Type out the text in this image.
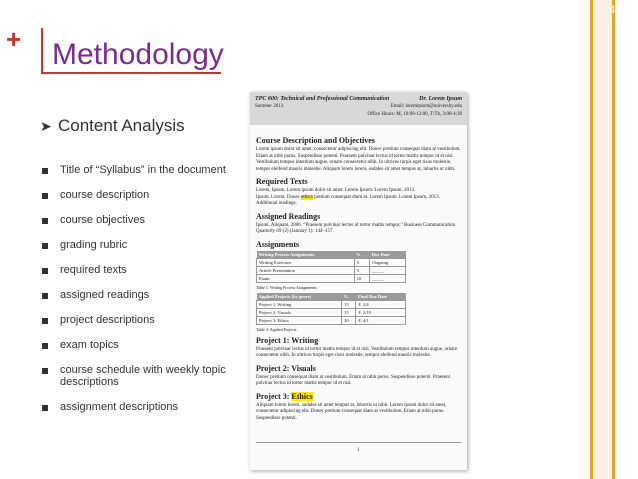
4
+ Methodology
➤ Content Analysis
Title of “Syllabus” in the document
course description
course objectives
grading rubric
required texts
assigned readings
project descriptions
exam topics
course schedule with weekly topic descriptions
assignment descriptions
TPC 600: Technical and Professional Communication
Summer 2013
Dr. Lorem Ipsum
Email: loremipsum@university.edu
Office Hours: M, 10:00-12:00, T/Th, 3:00-4:30
Course Description and Objectives
Lorem ipsum dolor sit amet, consectetur adipiscing elit. Donec pretium consequat diam at vestibulum. Etiam at nibh purus. Suspendisse potenti. Praesent pulvinar lectus id tortor mattis tempor id et nisl. Vestibulum tempus interdum augue, ornare consectetur nibh. In ultrices turpis eget risus molestie, tempor eleifend mauris molestie. Aliquam lorem lorem, sodales sit amet tempus at, lobortis ut nibh.
Required Texts
Lorem, Ipsum. Lorem ipsum dolor sit amet. Lorem Ipsum. Lorem Ipsum, 2013.
Ipsum, Lorem. Donec ethics pretium consequat diam at. Lorem Ipsum. Lorem Ipsum, 2013.
Additional readings.
Assigned Readings
Ipsum, Aliquam, 2006. “Praesent pulvinar lectus id tortor mattis tempor.” Business Communication Quarterly 69 (2) (January 1): 144–157.
Assignments
Writing Process Assignments	%	Due Date
Writing Exercises	5	Ongoing
Article Presentation	5	_____
Exam	10	_____
Table 1: Writing Process Assignments
Applied Projects (by genre)	%	Final Due Date
Project 1: Writing	15	F, 2/4
Project 2: Visuals	15	F, 2/18
Project 3: Ethics	20	F, 4/1
Table 2: Applied Projects
Project 1: Writing
Praesent pulvinar lectus id tortor mattis tempor id et nisl. Vestibulum tempus interdum augue, ornare consectetur nibh. In ultrices turpis eget risus molestie, tempor eleifend mauris molestie.
Project 2: Visuals
Donec pretium consequat diam at vestibulum. Etiam at nibh purus. Suspendisse potenti. Praesent pulvinar lectus id tortor mattis tempor id et nisl.
Project 3: Ethics
Aliquam lorem lorem, sodales sit amet tempus at, lobortis ut nibh. Lorem ipsum dolor sit amet, consectetur adipiscing elit. Donec pretium consequat diam at vestibulum. Etiam at nibh purus. Suspendisse potenti.
1
